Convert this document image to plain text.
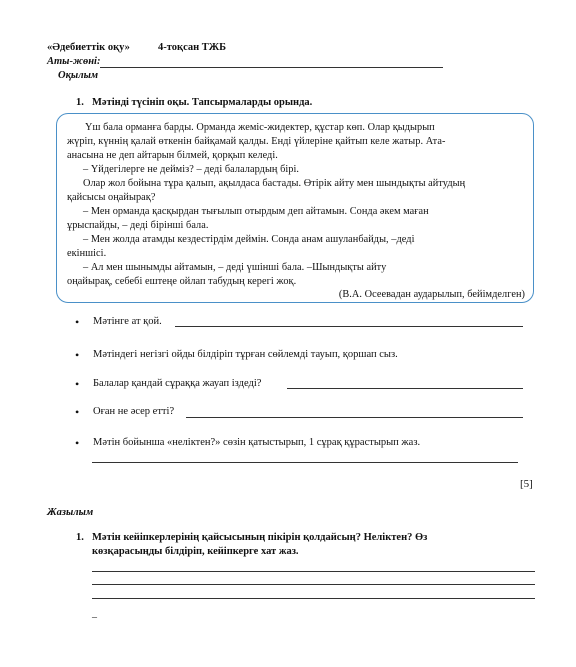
«Әдебиеттік оқу»	4-тоқсан ТЖБ
Аты-жөні:
Оқылым
1. Мәтінді түсініп оқы. Тапсырмаларды орында.
Үш бала орманға барды. Орманда жеміс-жидектер, құстар көп. Олар қыдырып
жүріп, күннің қалай өткенін байқамай қалды. Енді үйлеріне қайтып келе жатыр. Ата-
анасына не деп айтарын білмей, қорқып келеді.
– Үйдегілерге не дейміз? – деді балалардың бірі.
Олар жол бойына тұра қалып, ақылдаса бастады. Өтірік айту мен шындықты айтудың
қайсысы оңайырақ?
– Мен орманда қасқырдан тығылып отырдым деп айтамын. Сонда әкем маған
ұрыспайды, – деді біріншi бала.
– Мен жолда атамды кездестірдім деймін. Сонда анам ашуланбайды, –деді
екіншісі.
– Ал мен шынымды айтамын, – деді үшінші бала. –Шындықты айту
оңайырақ, себебі ештеңе ойлап табудың керегі жоқ.
(В.А. Осеевадан аударылып, бейімделген)
• Мәтінге ат қой.
• Мәтіндегі негізгі ойды білдіріп тұрған сөйлемді тауып, қоршап сыз.
• Балалар қандай сұраққа жауап іздеді?
• Оған не әсер етті?
• Мәтін бойынша «неліктен?» сөзін қатыстырып, 1 сұрақ құрастырып жаз.
[5]
Жазылым
1. Мәтін кейіпкерлерінің қайсысының пікірін қолдайсың? Неліктен? Өз
көзқарасыңды білдіріп, кейіпкерге хат жаз.
–
